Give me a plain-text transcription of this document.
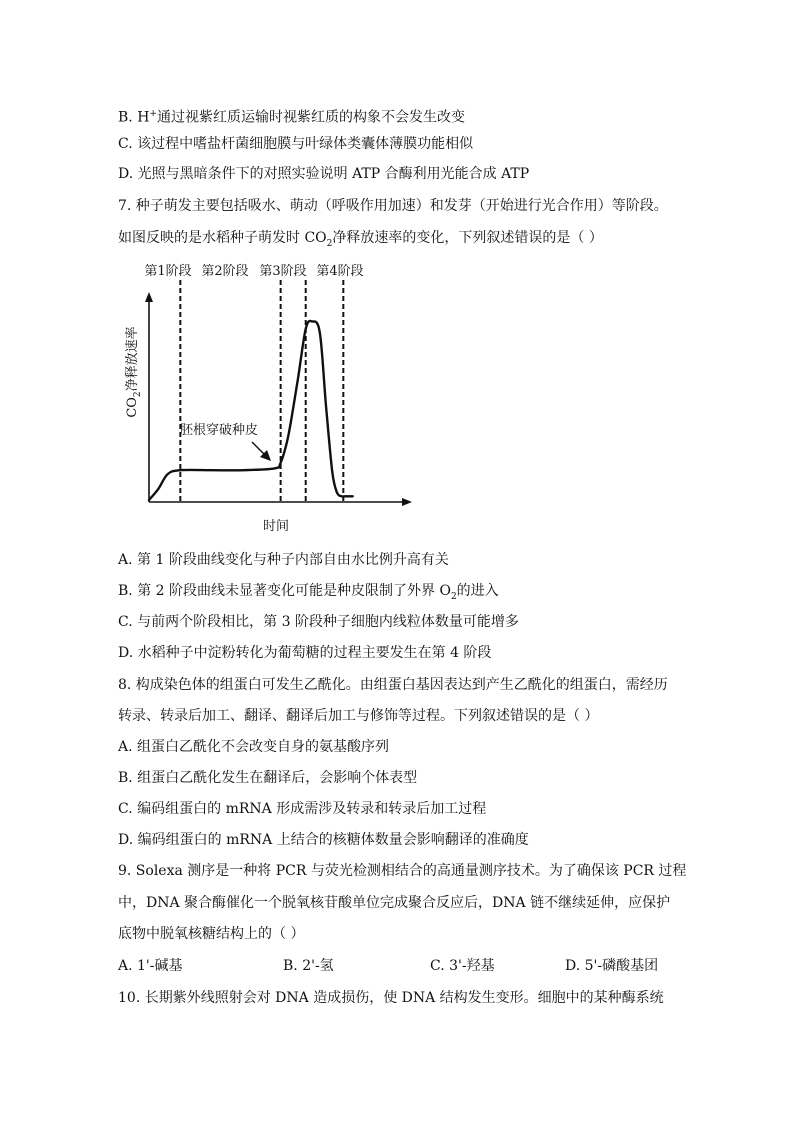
B. H+通过视紫红质运输时视紫红质的构象不会发生改变
C. 该过程中嗜盐杆菌细胞膜与叶绿体类囊体薄膜功能相似
D. 光照与黑暗条件下的对照实验说明 ATP 合酶利用光能合成 ATP
7. 种子萌发主要包括吸水、萌动（呼吸作用加速）和发芽（开始进行光合作用）等阶段。
如图反映的是水稻种子萌发时 $CO_2$净释放速率的变化，下列叙述错误的是（ ）
第1阶段 第2阶段 第3阶段 第4阶段
$CO_2$净释放速率
时间
胚根穿破种皮
A. 第 1 阶段曲线变化与种子内部自由水比例升高有关
B. 第 2 阶段曲线未显著变化可能是种皮限制了外界 $O_2$的进入
C. 与前两个阶段相比，第 3 阶段种子细胞内线粒体数量可能增多
D. 水稻种子中淀粉转化为葡萄糖的过程主要发生在第 4 阶段
8. 构成染色体的组蛋白可发生乙酰化。由组蛋白基因表达到产生乙酰化的组蛋白，需经历
转录、转录后加工、翻译、翻译后加工与修饰等过程。下列叙述错误的是（ ）
A. 组蛋白乙酰化不会改变自身的氨基酸序列
B. 组蛋白乙酰化发生在翻译后，会影响个体表型
C. 编码组蛋白的 mRNA 形成需涉及转录和转录后加工过程
D. 编码组蛋白的 mRNA 上结合的核糖体数量会影响翻译的准确度
9. Solexa 测序是一种将 PCR 与荧光检测相结合的高通量测序技术。为了确保该 PCR 过程
中，DNA 聚合酶催化一个脱氧核苷酸单位完成聚合反应后，DNA 链不继续延伸，应保护
底物中脱氧核糖结构上的（ ）
A. 1'-碱基	B. 2'-氢	C. 3'-羟基	D. 5'-磷酸基团
10. 长期紫外线照射会对 DNA 造成损伤，使 DNA 结构发生变形。细胞中的某种酶系统
